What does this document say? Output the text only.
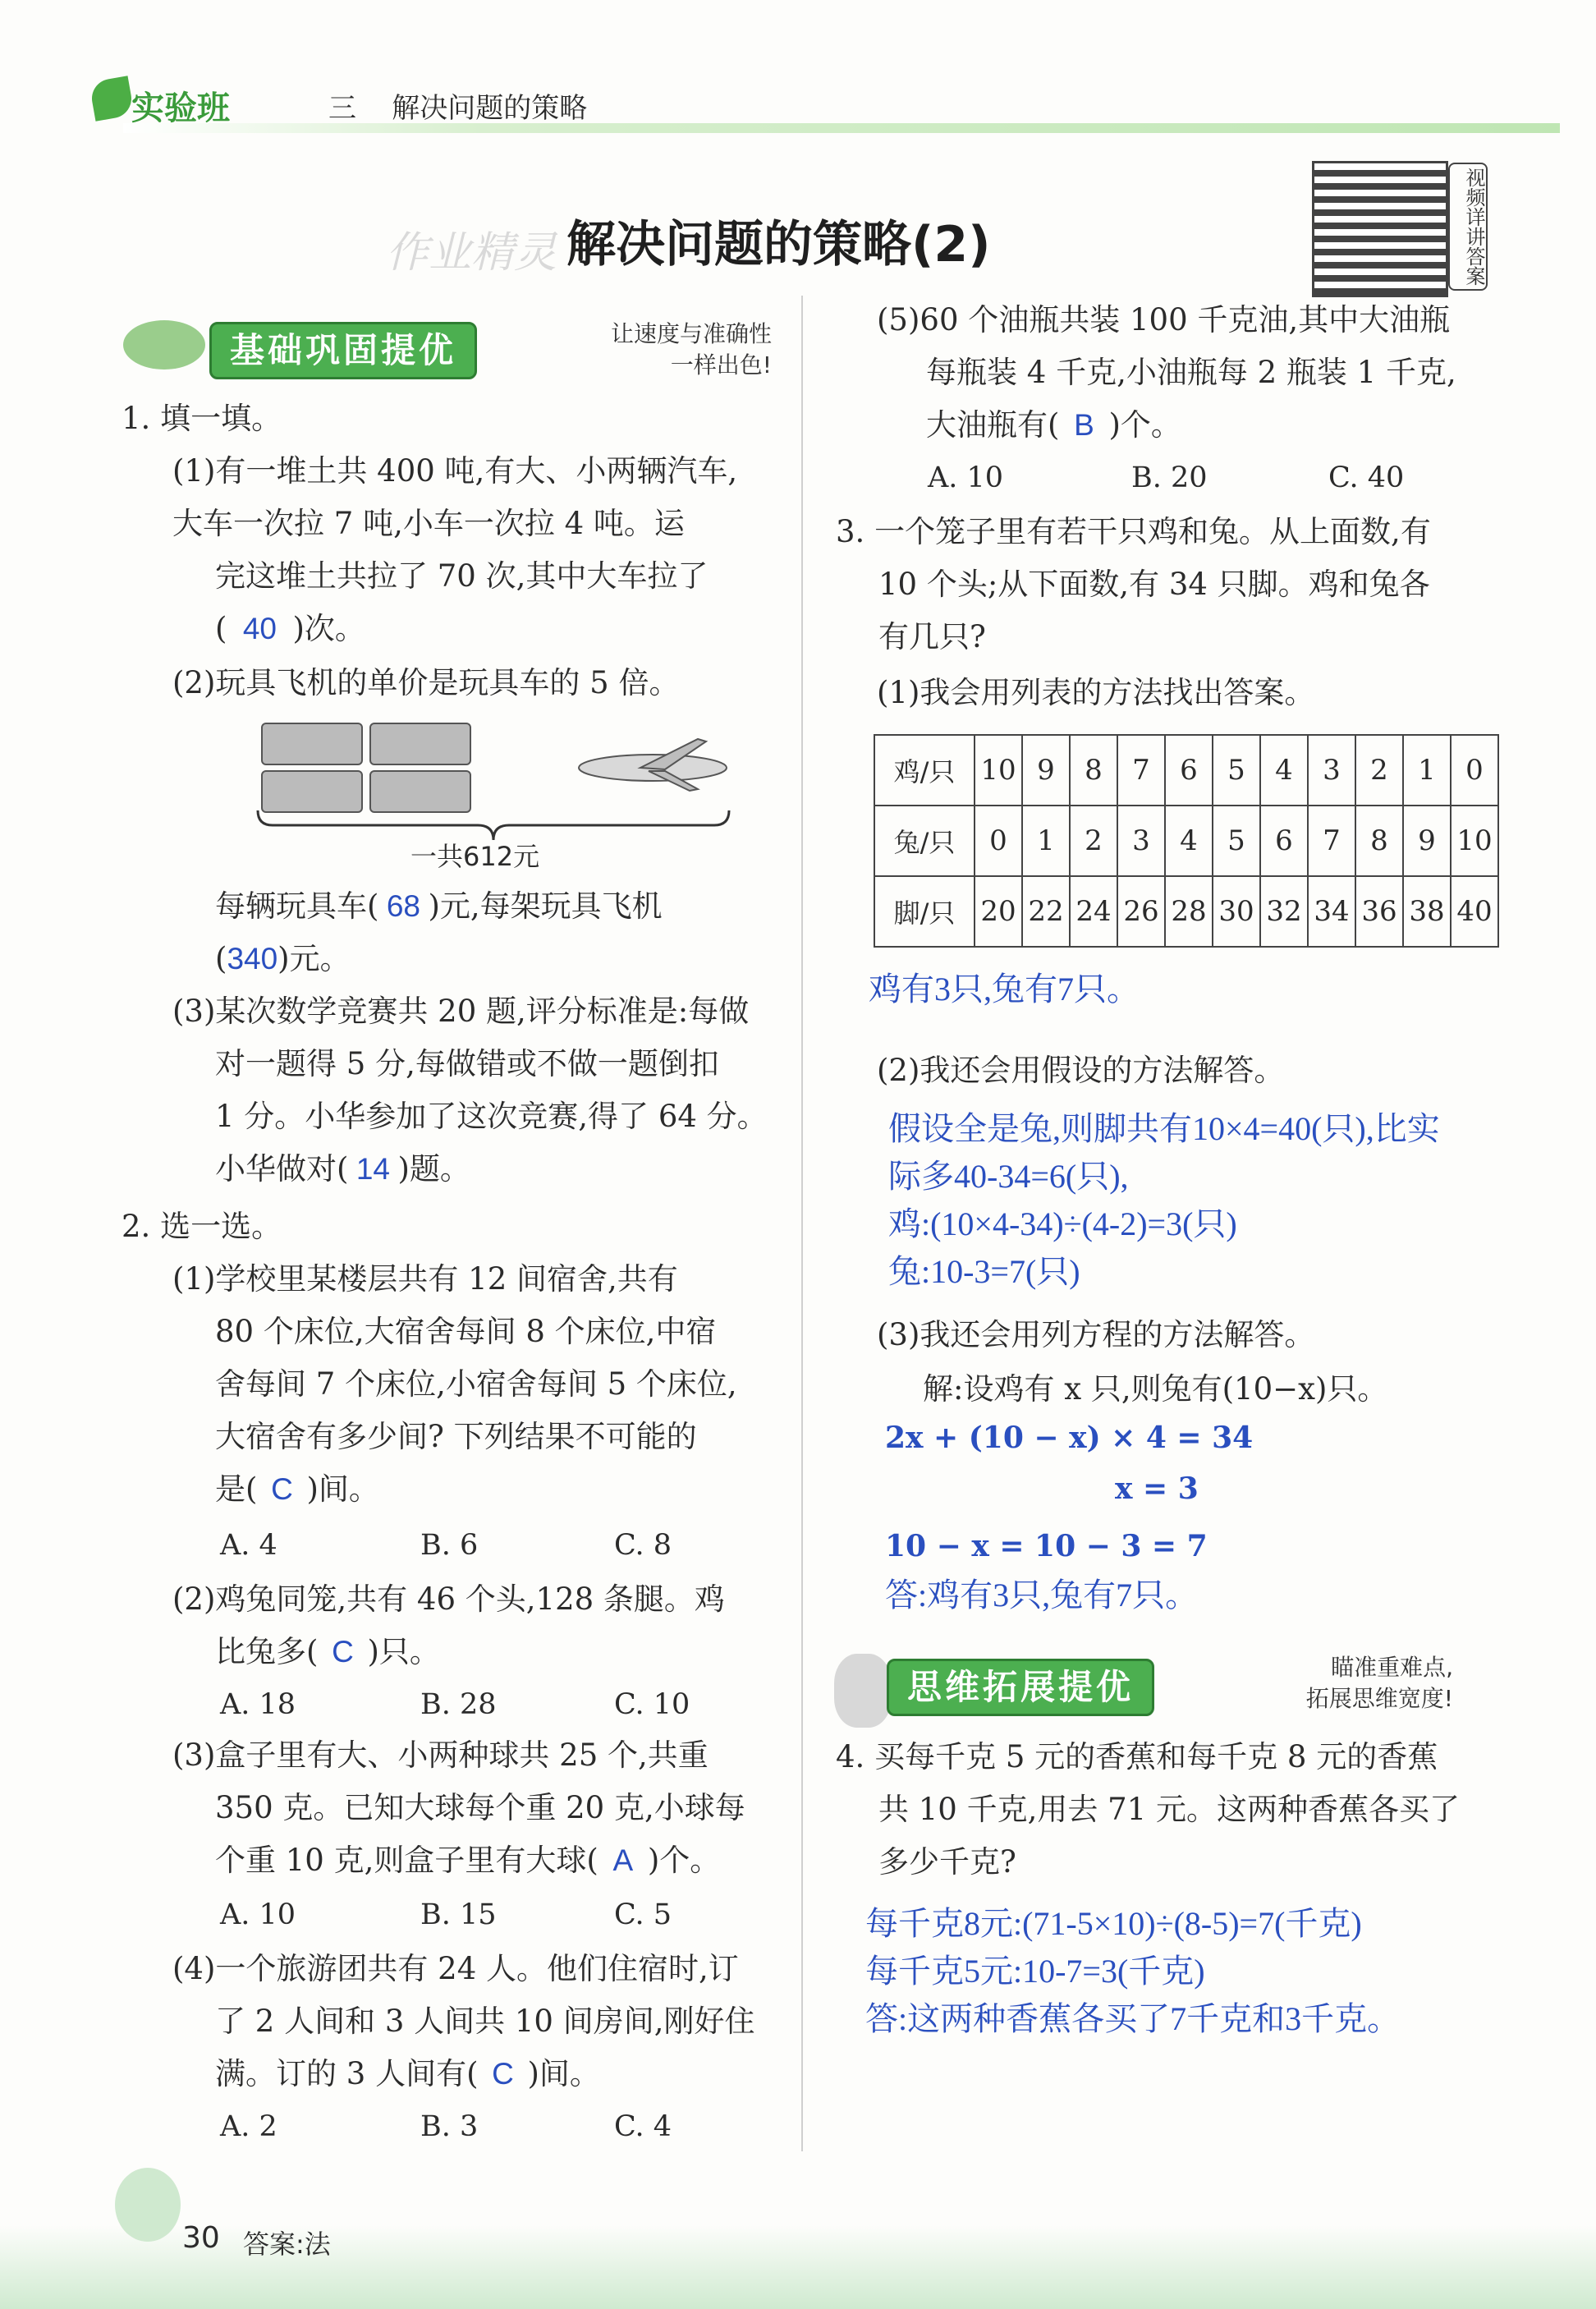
实验班	三 解决问题的策略
作业精灵 解决问题的策略(2)	视频详讲答案
基础巩固提优	让速度与准确性
一样出色!
1. 填一填。
(1)有一堆土共 400 吨,有大、小两辆汽车,
大车一次拉 7 吨,小车一次拉 4 吨。运
完这堆土共拉了 70 次,其中大车拉了
( 40 )次。
(2)玩具飞机的单价是玩具车的 5 倍。
一共612元
每辆玩具车( 68 )元,每架玩具飞机
(340)元。
(3)某次数学竞赛共 20 题,评分标准是:每做
对一题得 5 分,每做错或不做一题倒扣
1 分。小华参加了这次竞赛,得了 64 分。
小华做对( 14 )题。
2. 选一选。
(1)学校里某楼层共有 12 间宿舍,共有
80 个床位,大宿舍每间 8 个床位,中宿
舍每间 7 个床位,小宿舍每间 5 个床位,
大宿舍有多少间? 下列结果不可能的
是( C )间。
A. 4	B. 6	C. 8
(2)鸡兔同笼,共有 46 个头,128 条腿。鸡
比兔多( C )只。
A. 18	B. 28	C. 10
(3)盒子里有大、小两种球共 25 个,共重
350 克。已知大球每个重 20 克,小球每
个重 10 克,则盒子里有大球( A )个。
A. 10	B. 15	C. 5
(4)一个旅游团共有 24 人。他们住宿时,订
了 2 人间和 3 人间共 10 间房间,刚好住
满。订的 3 人间有( C )间。
A. 2	B. 3	C. 4
(5)60 个油瓶共装 100 千克油,其中大油瓶
每瓶装 4 千克,小油瓶每 2 瓶装 1 千克,
大油瓶有( B )个。
A. 10	B. 20	C. 40
3. 一个笼子里有若干只鸡和兔。从上面数,有
10 个头;从下面数,有 34 只脚。鸡和兔各
有几只?
(1)我会用列表的方法找出答案。
鸡/只	10	9	8	7	6	5	4	3	2	1	0
兔/只	0	1	2	3	4	5	6	7	8	9	10
脚/只	20	22	24	26	28	30	32	34	36	38	40
鸡有3只,兔有7只。
(2)我还会用假设的方法解答。
假设全是兔,则脚共有10×4=40(只),比实
际多40-34=6(只),
鸡:(10×4-34)÷(4-2)=3(只)
兔:10-3=7(只)
(3)我还会用列方程的方法解答。
解:设鸡有 x 只,则兔有(10−x)只。
2x + (10 − x) × 4 = 34
x = 3
10 − x = 10 − 3 = 7
答:鸡有3只,兔有7只。
思维拓展提优	瞄准重难点,
拓展思维宽度!
4. 买每千克 5 元的香蕉和每千克 8 元的香蕉
共 10 千克,用去 71 元。这两种香蕉各买了
多少千克?
每千克8元:(71-5×10)÷(8-5)=7(千克)
每千克5元:10-7=3(千克)
答:这两种香蕉各买了7千克和3千克。
30 答案:法
